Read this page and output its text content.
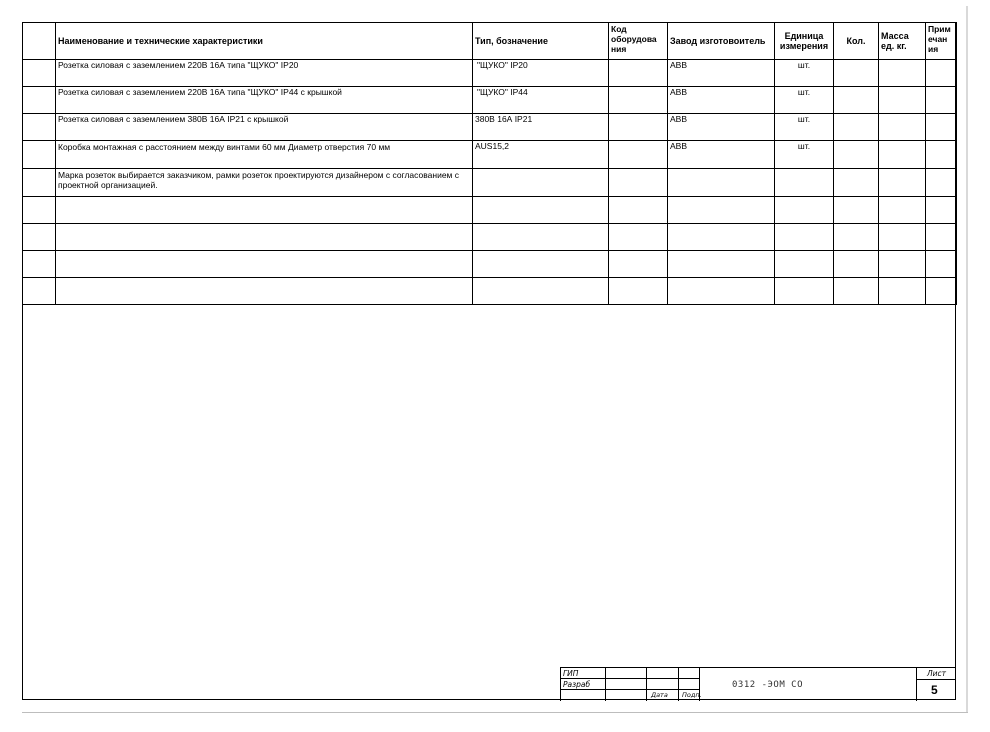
	Наименование и технические характеристики	Тип, бозначение	Код оборудова ния	Завод изготовоитель	Единица измерения	Кол.	Масса ед. кг.	Прим ечан ия
	Розетка силовая с заземлением 220В 16А типа "ЩУКО" IP20	"ЩУКО" IP20		ABB	шт.			
	Розетка силовая с заземлением 220В 16А типа "ЩУКО" IP44 с крышкой	"ЩУКО" IP44		ABB	шт.			
	Розетка силовая с заземлением 380В 16А IP21 с крышкой	380В 16А IP21		ABB	шт.			
	Коробка монтажная с расстоянием между винтами 60 мм Диаметр отверстия 70 мм	AUS15,2		ABB	шт.			
	Марка розеток выбирается заказчиком, рамки розеток проектируются дизайнером с согласованием с проектной организацией.							

ГИП
Разраб
Дата Подп.
0312 -ЭОМ СО
Лист
5
